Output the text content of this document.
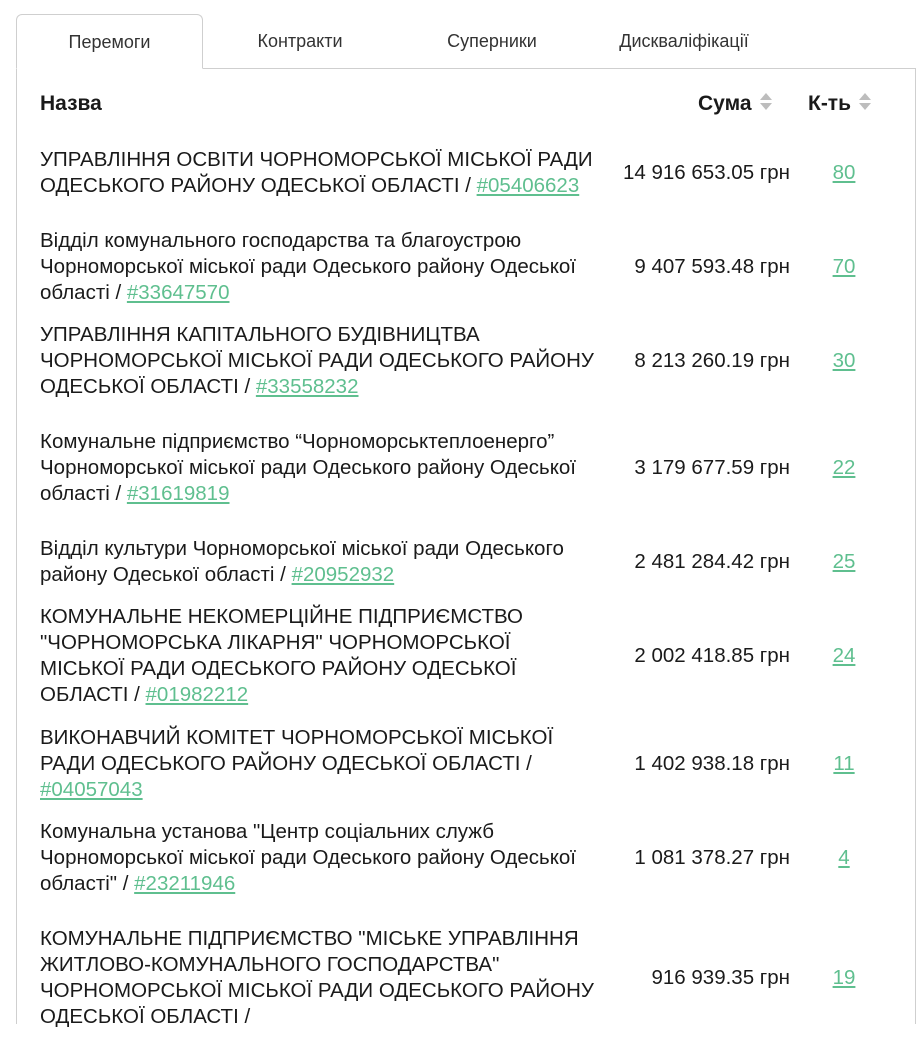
Перемоги	Контракти	Суперники	Дискваліфікації
Назва	Сума	К-ть
УПРАВЛІННЯ ОСВІТИ ЧОРНОМОРСЬКОЇ МІСЬКОЇ РАДИ ОДЕСЬКОГО РАЙОНУ ОДЕСЬКОЇ ОБЛАСТІ / #05406623
14 916 653.05 грн	80
Відділ комунального господарства та благоустрою Чорноморської міської ради Одеського району Одеської області / #33647570
9 407 593.48 грн	70
УПРАВЛІННЯ КАПІТАЛЬНОГО БУДІВНИЦТВА ЧОРНОМОРСЬКОЇ МІСЬКОЇ РАДИ ОДЕСЬКОГО РАЙОНУ ОДЕСЬКОЇ ОБЛАСТІ / #33558232
8 213 260.19 грн	30
Комунальне підприємство “Чорноморськтеплоенерго” Чорноморської міської ради Одеського району Одеської області / #31619819
3 179 677.59 грн	22
Відділ культури Чорноморської міської ради Одеського району Одеської області / #20952932
2 481 284.42 грн	25
КОМУНАЛЬНЕ НЕКОМЕРЦІЙНЕ ПІДПРИЄМСТВО "ЧОРНОМОРСЬКА ЛІКАРНЯ" ЧОРНОМОРСЬКОЇ МІСЬКОЇ РАДИ ОДЕСЬКОГО РАЙОНУ ОДЕСЬКОЇ ОБЛАСТІ / #01982212
2 002 418.85 грн	24
ВИКОНАВЧИЙ КОМІТЕТ ЧОРНОМОРСЬКОЇ МІСЬКОЇ РАДИ ОДЕСЬКОГО РАЙОНУ ОДЕСЬКОЇ ОБЛАСТІ / #04057043
1 402 938.18 грн	11
Комунальна установа "Центр соціальних служб Чорноморської міської ради Одеського району Одеської області" / #23211946
1 081 378.27 грн	4
КОМУНАЛЬНЕ ПІДПРИЄМСТВО "МІСЬКЕ УПРАВЛІННЯ ЖИТЛОВО-КОМУНАЛЬНОГО ГОСПОДАРСТВА" ЧОРНОМОРСЬКОЇ МІСЬКОЇ РАДИ ОДЕСЬКОГО РАЙОНУ ОДЕСЬКОЇ ОБЛАСТІ /
916 939.35 грн	19
